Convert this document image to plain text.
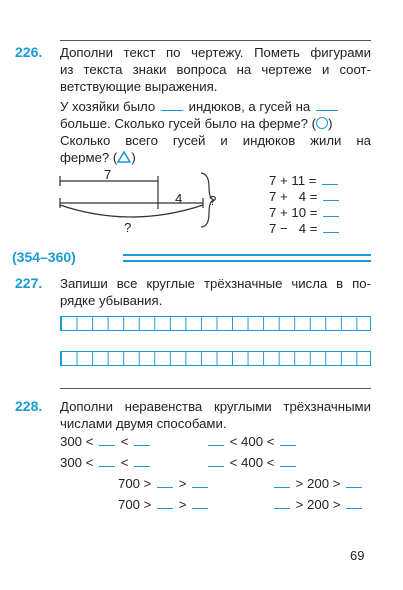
226. Дополни текст по чертежу. Пометь фигурами
из текста знаки вопроса на чертеже и соот-
ветствующие выражения.
У хозяйки было	индюков, а гусей на
больше. Сколько гусей было на ферме? ( )
Сколько всего гусей и индюков жили на
ферме? ( )
7
4 ?
?
7 + 11 =
7 +   4 =
7 + 10 =
7 −   4 =
(354–360)
227. Запиши все круглые трёхзначные числа в по-
рядке убывания.
228. Дополни неравенства круглыми трёхзначными
числами двумя способами.
300 < <
300 < <
< 400 <
< 400 <
700 >  >
700 >  >
> 200 >
> 200 >
69
